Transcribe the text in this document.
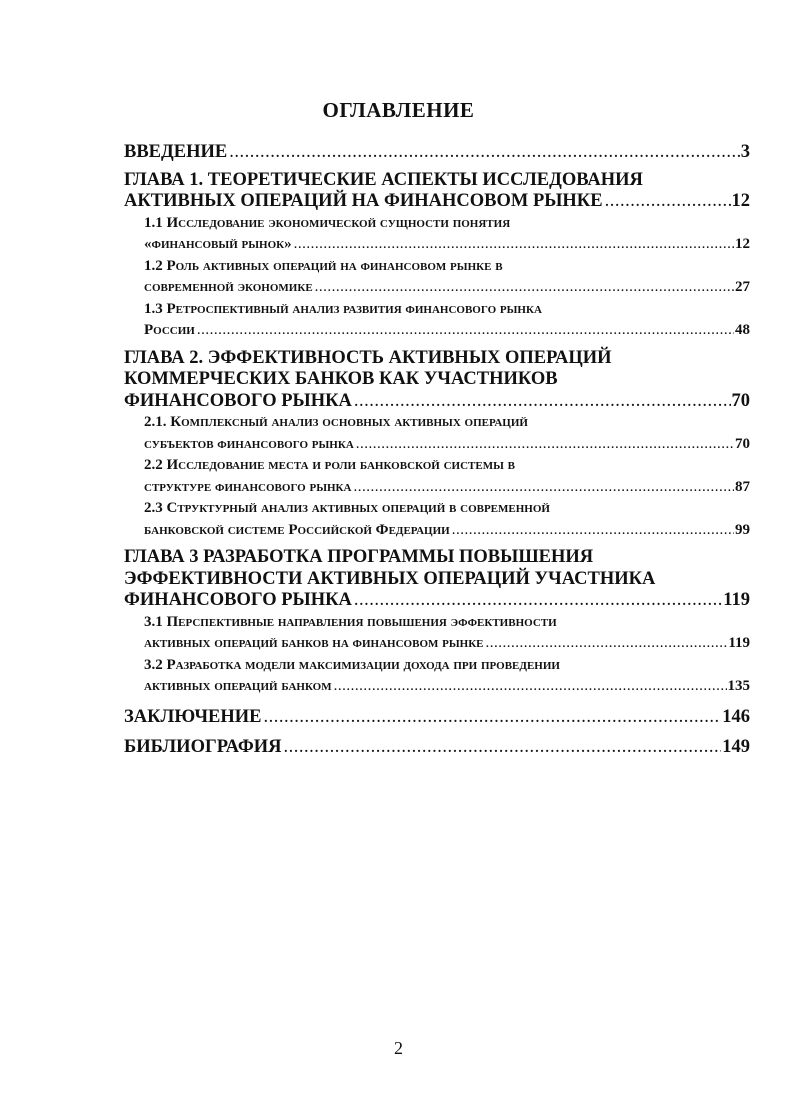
ОГЛАВЛЕНИЕ
ВВЕДЕНИЕ .....	3
ГЛАВА 1. ТЕОРЕТИЧЕСКИЕ АСПЕКТЫ ИССЛЕДОВАНИЯ
АКТИВНЫХ ОПЕРАЦИЙ НА ФИНАНСОВОМ РЫНКЕ .....	12
1.1 Исследование экономической сущности понятия
«финансовый рынок» .....	12
1.2 Роль активных операций на финансовом рынке в
современной экономике .....	27
1.3 Ретроспективный анализ развития финансового рынка
России .....	48
ГЛАВА 2. ЭФФЕКТИВНОСТЬ АКТИВНЫХ ОПЕРАЦИЙ
КОММЕРЧЕСКИХ БАНКОВ КАК УЧАСТНИКОВ
ФИНАНСОВОГО РЫНКА .....	70
2.1. Комплексный анализ основных активных операций
субъектов финансового рынка .....	70
2.2 Исследование места и роли банковской системы в
структуре финансового рынка .....	87
2.3 Структурный анализ активных операций в современной
банковской системе Российской Федерации .....	99
ГЛАВА 3 РАЗРАБОТКА ПРОГРАММЫ ПОВЫШЕНИЯ
ЭФФЕКТИВНОСТИ АКТИВНЫХ ОПЕРАЦИЙ УЧАСТНИКА
ФИНАНСОВОГО РЫНКА .....	119
3.1 Перспективные направления повышения эффективности
активных операций банков на финансовом рынке .....	119
3.2 Разработка модели максимизации дохода при проведении
активных операций банком .....	135
ЗАКЛЮЧЕНИЕ .....	146
БИБЛИОГРАФИЯ .....	149
2
